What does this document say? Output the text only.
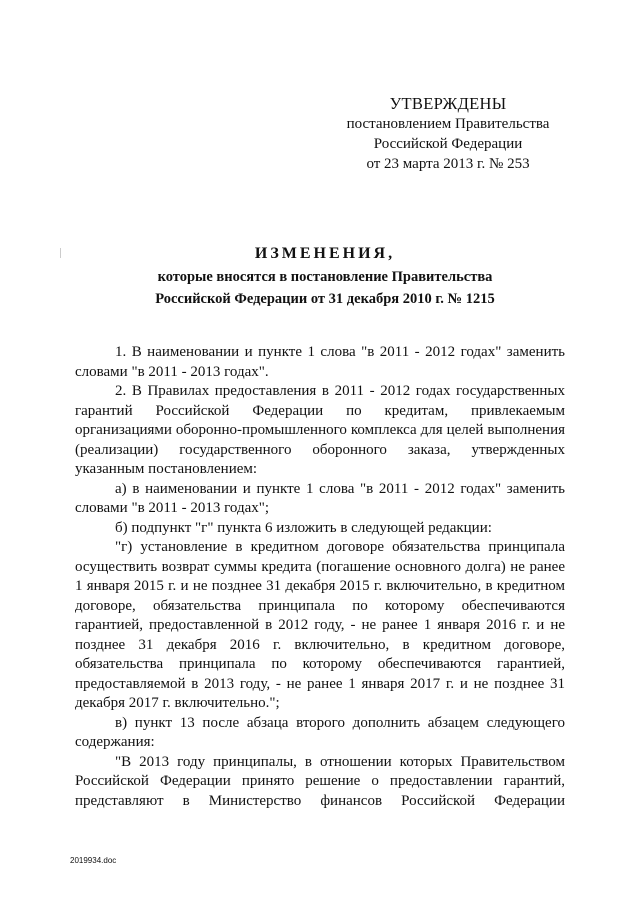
УТВЕРЖДЕНЫ
постановлением Правительства
Российской Федерации
от 23 марта 2013 г. № 253
ИЗМЕНЕНИЯ,
которые вносятся в постановление Правительства
Российской Федерации от 31 декабря 2010 г. № 1215

1. В наименовании и пункте 1 слова "в 2011 - 2012 годах" заменить словами "в 2011 - 2013 годах".

2. В Правилах предоставления в 2011 - 2012 годах государственных гарантий Российской Федерации по кредитам, привлекаемым организациями оборонно-промышленного комплекса для целей выполнения (реализации) государственного оборонного заказа, утвержденных указанным постановлением:

а) в наименовании и пункте 1 слова "в 2011 - 2012 годах" заменить словами "в 2011 - 2013 годах";

б) подпункт "г" пункта 6 изложить в следующей редакции:

"г) установление в кредитном договоре обязательства принципала осуществить возврат суммы кредита (погашение основного долга) не ранее 1 января 2015 г. и не позднее 31 декабря 2015 г. включительно, в кредитном договоре, обязательства принципала по которому обеспечиваются гарантией, предоставленной в 2012 году, - не ранее 1 января 2016 г. и не позднее 31 декабря 2016 г. включительно, в кредитном договоре, обязательства принципала по которому обеспечиваются гарантией, предоставляемой в 2013 году, - не ранее 1 января 2017 г. и не позднее 31 декабря 2017 г. включительно.";

в) пункт 13 после абзаца второго дополнить абзацем следующего содержания:

"В 2013 году принципалы, в отношении которых Правительством Российской Федерации принято решение о предоставлении гарантий, представляют в Министерство финансов Российской Федерации

2019934.doc
